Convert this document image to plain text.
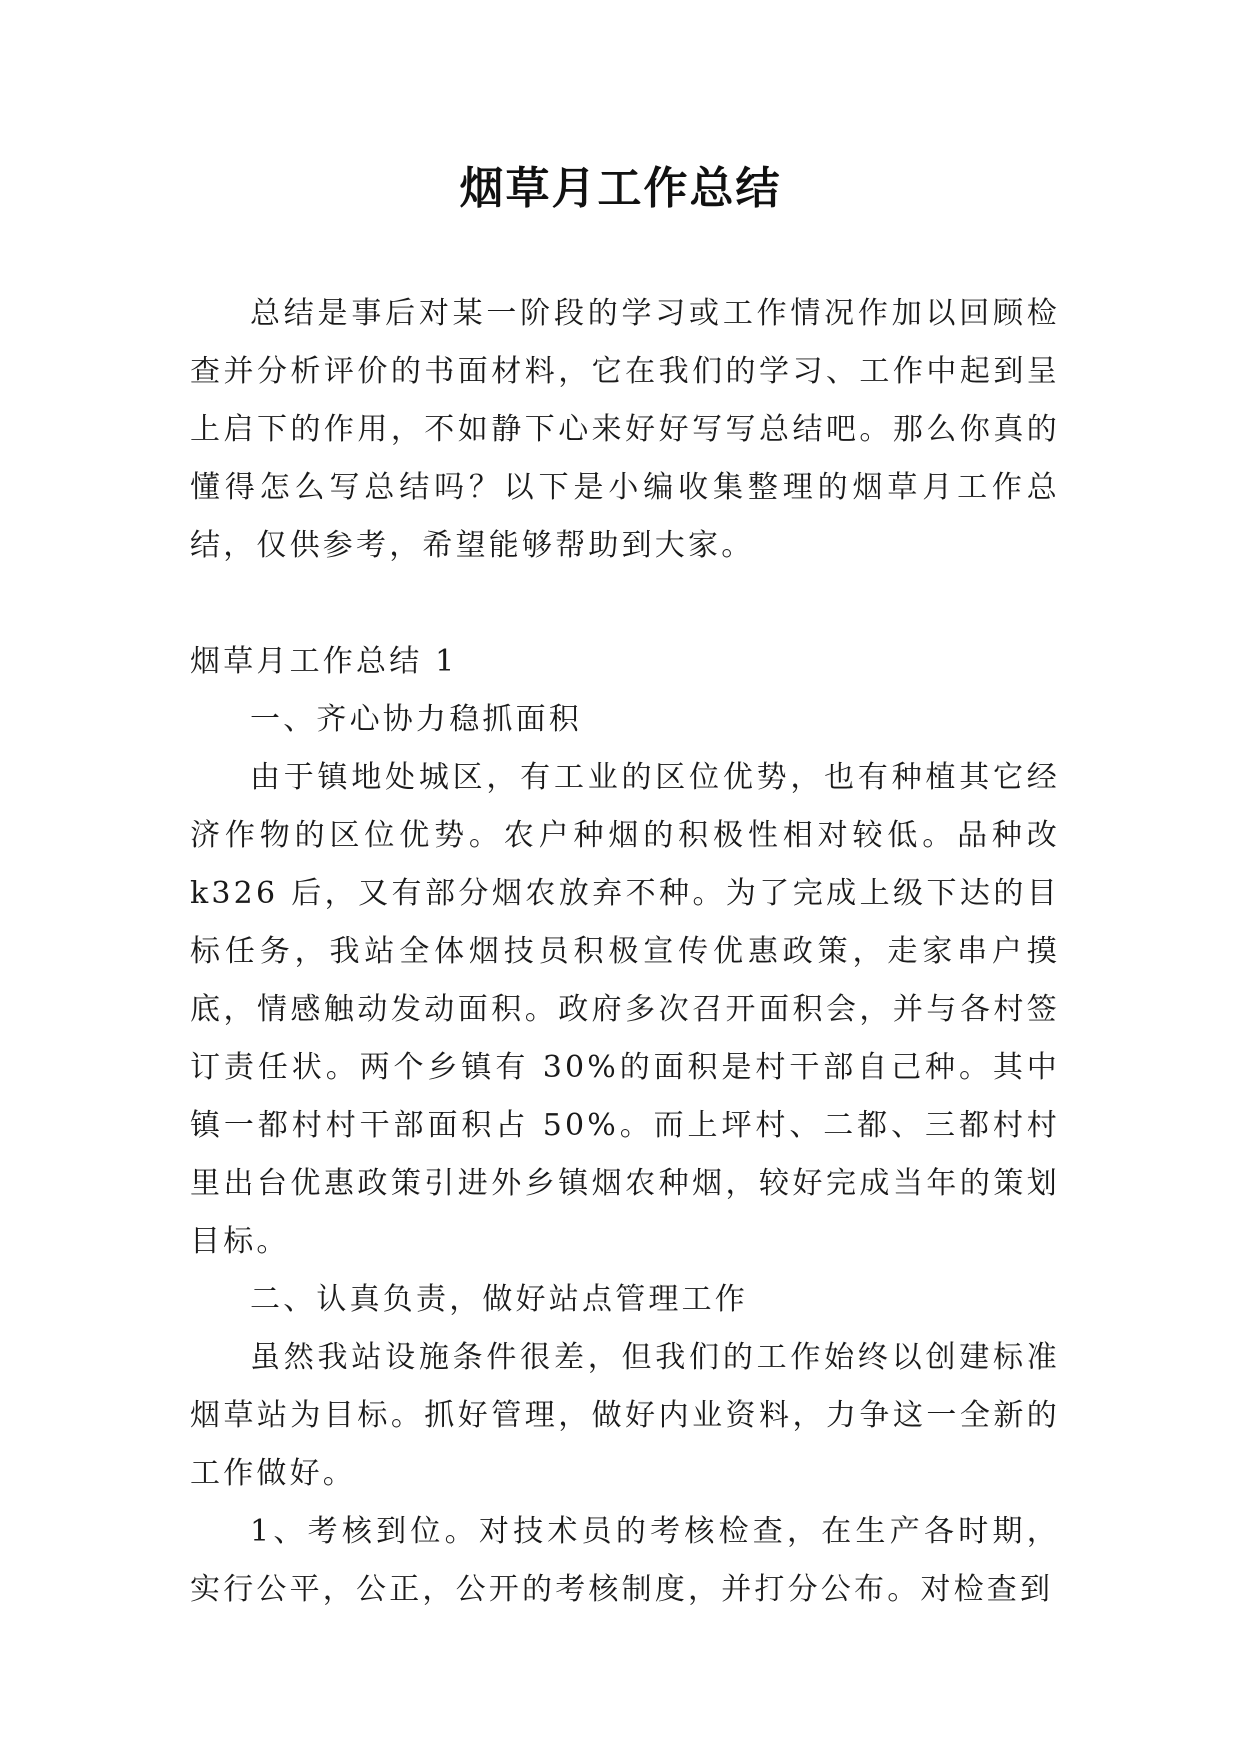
烟草月工作总结

总结是事后对某一阶段的学习或工作情况作加以回顾检查并分析评价的书面材料，它在我们的学习、工作中起到呈上启下的作用，不如静下心来好好写写总结吧。那么你真的懂得怎么写总结吗？以下是小编收集整理的烟草月工作总结，仅供参考，希望能够帮助到大家。

烟草月工作总结 1

一、齐心协力稳抓面积

由于镇地处城区，有工业的区位优势，也有种植其它经济作物的区位优势。农户种烟的积极性相对较低。品种改 k326 后，又有部分烟农放弃不种。为了完成上级下达的目标任务，我站全体烟技员积极宣传优惠政策，走家串户摸底，情感触动发动面积。政府多次召开面积会，并与各村签订责任状。两个乡镇有 30%的面积是村干部自己种。其中镇一都村村干部面积占 50%。而上坪村、二都、三都村村里出台优惠政策引进外乡镇烟农种烟，较好完成当年的策划目标。

二、认真负责，做好站点管理工作

虽然我站设施条件很差，但我们的工作始终以创建标准烟草站为目标。抓好管理，做好内业资料，力争这一全新的工作做好。

1、考核到位。对技术员的考核检查，在生产各时期，实行公平，公正，公开的考核制度，并打分公布。对检查到
